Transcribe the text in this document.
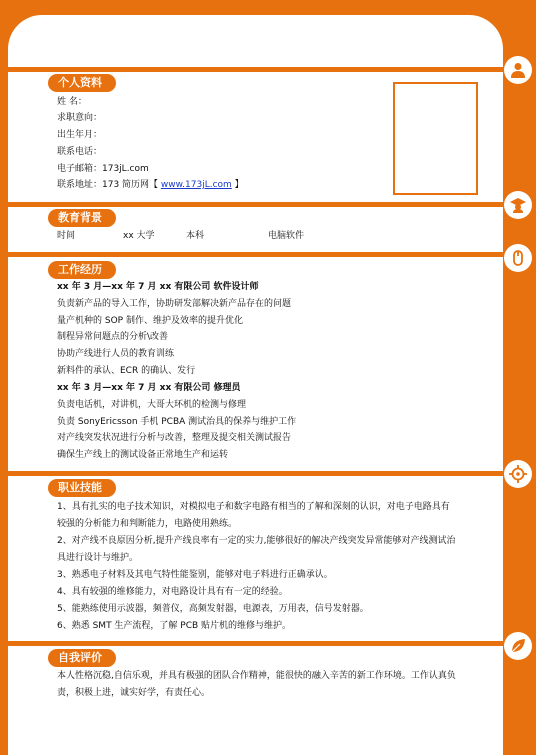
个人资料
姓 名：
求职意向：
出生年月：
联系电话：
电子邮箱：173jL.com
联系地址：173 简历网【 www.173jL.com 】
教育背景
时间	xx 大学	本科	电脑软件
工作经历
xx 年 3 月—xx 年 7 月 xx 有限公司 软件设计师
负责新产品的导入工作，协助研发部解决新产品存在的问题
量产机种的 SOP 制作、维护及效率的提升优化
制程异常问题点的分析\改善
协助产线进行人员的教育训练
新料件的承认、ECR 的确认、发行
xx 年 3 月—xx 年 7 月 xx 有限公司 修理员
负责电话机，对讲机，大哥大环机的检测与修理
负责 SonyEricsson 手机 PCBA 测试治具的保养与维护工作
对产线突发状况进行分析与改善，整理及提交相关测试报告
确保生产线上的测试设备正常地生产和运转
职业技能
1、具有扎实的电子技术知识，对模拟电子和数字电路有相当的了解和深刻的认识，对电子电路具有
较强的分析能力和判断能力，电路使用熟练。
2、对产线不良原因分析,提升产线良率有一定的实力,能够很好的解决产线突发异常能够对产线测试治
具进行设计与维护。
3、熟悉电子材料及其电气特性能鉴别，能够对电子料进行正确承认。
4、具有较强的维修能力，对电路设计具有有一定的经验。
5、能熟练使用示波器，频普仪，高频发射器，电源表，万用表，信号发射器。
6、熟悉 SMT 生产流程，了解 PCB 贴片机的维修与维护。
自我评价
本人性格沉稳,自信乐观，并具有极强的团队合作精神，能很快的融入辛苦的新工作环境。工作认真负
责，积极上进，诚实好学，有责任心。
